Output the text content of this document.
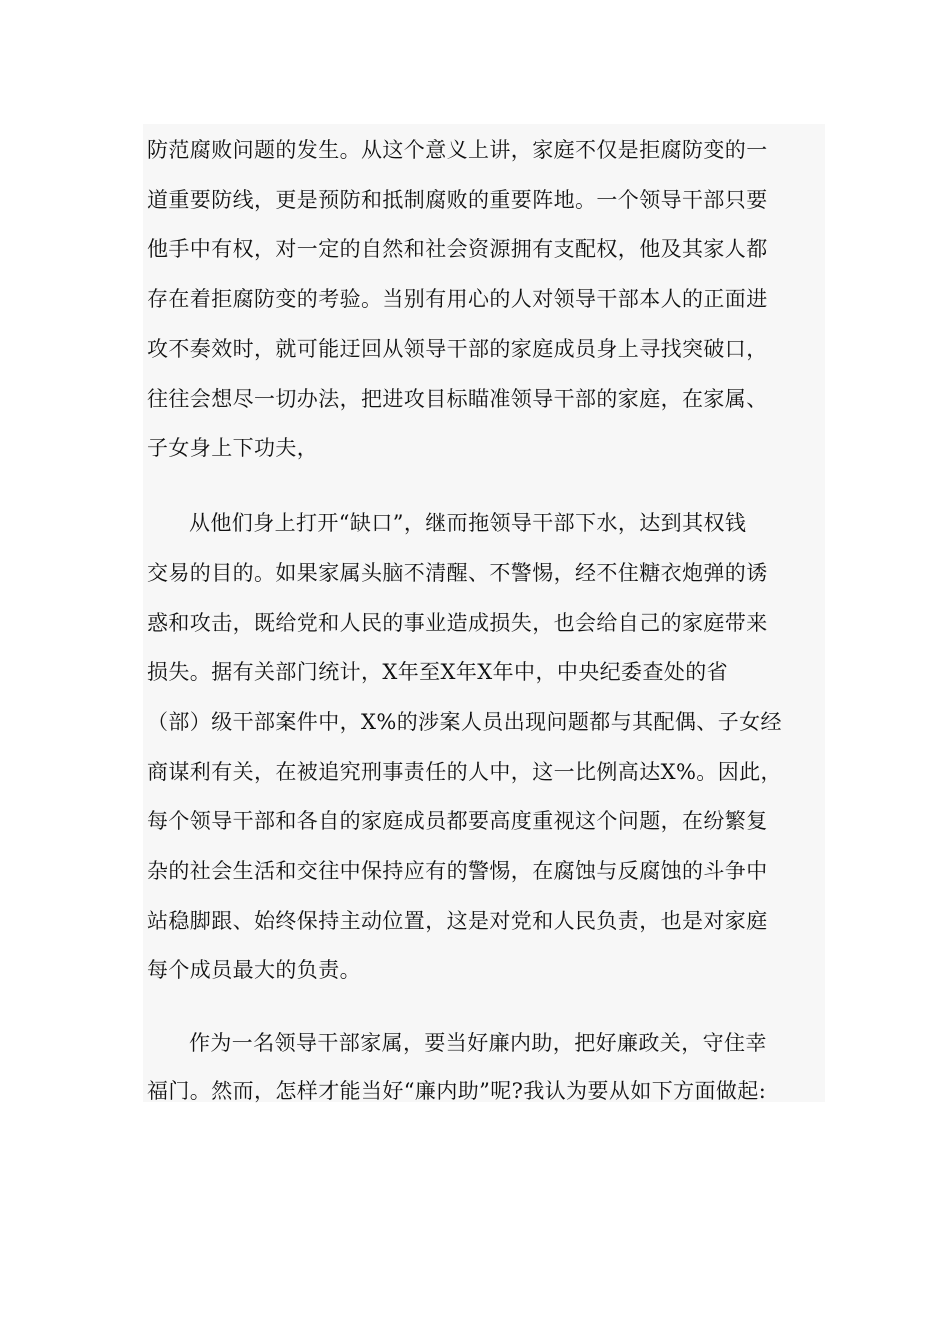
防范腐败问题的发生。从这个意义上讲，家庭不仅是拒腐防变的一
道重要防线，更是预防和抵制腐败的重要阵地。一个领导干部只要
他手中有权，对一定的自然和社会资源拥有支配权，他及其家人都
存在着拒腐防变的考验。当别有用心的人对领导干部本人的正面进
攻不奏效时，就可能迂回从领导干部的家庭成员身上寻找突破口，
往往会想尽一切办法，把进攻目标瞄准领导干部的家庭，在家属、
子女身上下功夫，
从他们身上打开“缺口”，继而拖领导干部下水，达到其权钱
交易的目的。如果家属头脑不清醒、不警惕，经不住糖衣炮弹的诱
惑和攻击，既给党和人民的事业造成损失，也会给自己的家庭带来
损失。据有关部门统计，X年至X年X年中，中央纪委查处的省
（部）级干部案件中，X%的涉案人员出现问题都与其配偶、子女经
商谋利有关，在被追究刑事责任的人中，这一比例高达X%。因此，
每个领导干部和各自的家庭成员都要高度重视这个问题，在纷繁复
杂的社会生活和交往中保持应有的警惕，在腐蚀与反腐蚀的斗争中
站稳脚跟、始终保持主动位置，这是对党和人民负责，也是对家庭
每个成员最大的负责。
作为一名领导干部家属，要当好廉内助，把好廉政关，守住幸
福门。然而，怎样才能当好“廉内助”呢?我认为要从如下方面做起:
